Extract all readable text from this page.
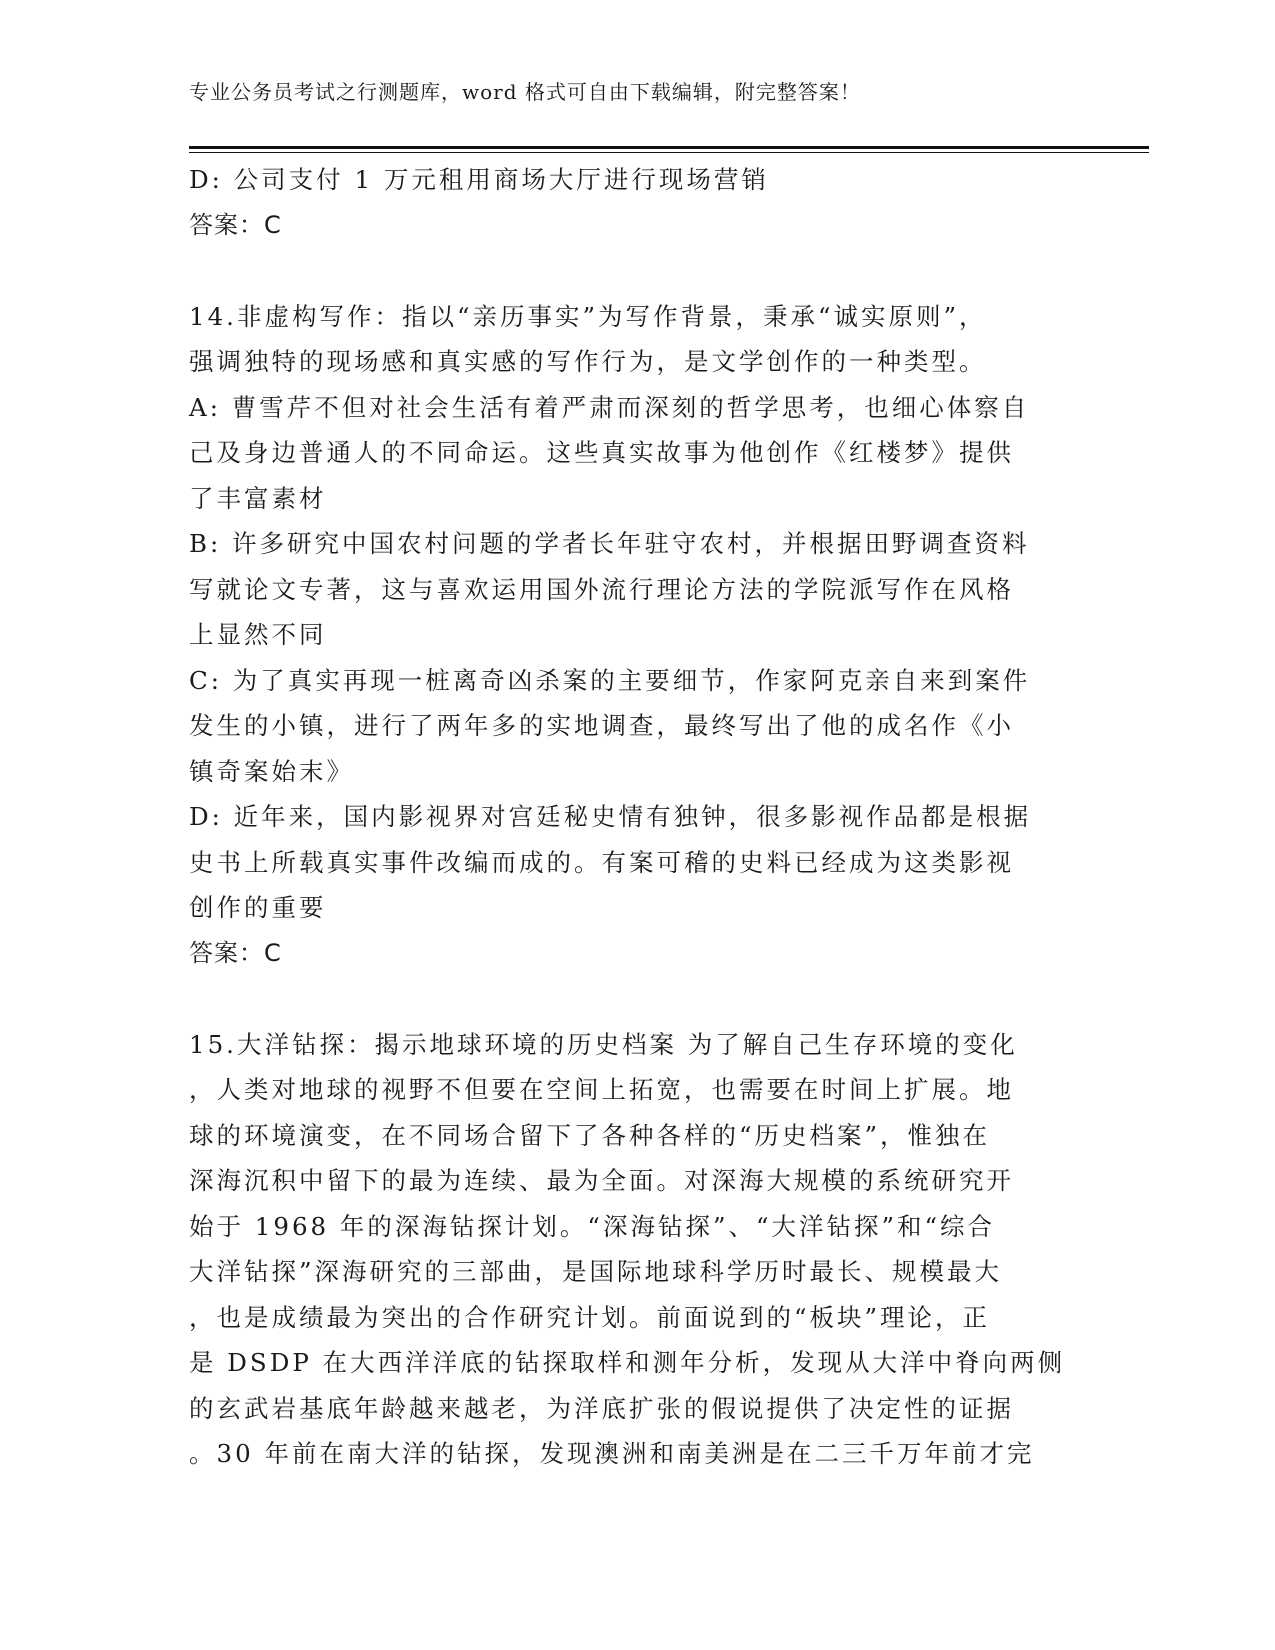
专业公务员考试之行测题库，word 格式可自由下载编辑，附完整答案！
D: 公司支付 1 万元租用商场大厅进行现场营销
答案：C
14.非虚构写作：指以“亲历事实”为写作背景，秉承“诚实原则”，
强调独特的现场感和真实感的写作行为，是文学创作的一种类型。
A: 曹雪芹不但对社会生活有着严肃而深刻的哲学思考，也细心体察自
己及身边普通人的不同命运。这些真实故事为他创作《红楼梦》提供
了丰富素材
B: 许多研究中国农村问题的学者长年驻守农村，并根据田野调查资料
写就论文专著，这与喜欢运用国外流行理论方法的学院派写作在风格
上显然不同
C: 为了真实再现一桩离奇凶杀案的主要细节，作家阿克亲自来到案件
发生的小镇，进行了两年多的实地调查，最终写出了他的成名作《小
镇奇案始末》
D: 近年来，国内影视界对宫廷秘史情有独钟，很多影视作品都是根据
史书上所载真实事件改编而成的。有案可稽的史料已经成为这类影视
创作的重要
答案：C
15.大洋钻探：揭示地球环境的历史档案 为了解自己生存环境的变化
，人类对地球的视野不但要在空间上拓宽，也需要在时间上扩展。地
球的环境演变，在不同场合留下了各种各样的“历史档案”，惟独在
深海沉积中留下的最为连续、最为全面。对深海大规模的系统研究开
始于 1968 年的深海钻探计划。“深海钻探”、“大洋钻探”和“综合
大洋钻探”深海研究的三部曲，是国际地球科学历时最长、规模最大
，也是成绩最为突出的合作研究计划。前面说到的“板块”理论，正
是 DSDP 在大西洋洋底的钻探取样和测年分析，发现从大洋中脊向两侧
的玄武岩基底年龄越来越老，为洋底扩张的假说提供了决定性的证据
。30 年前在南大洋的钻探，发现澳洲和南美洲是在二三千万年前才完
